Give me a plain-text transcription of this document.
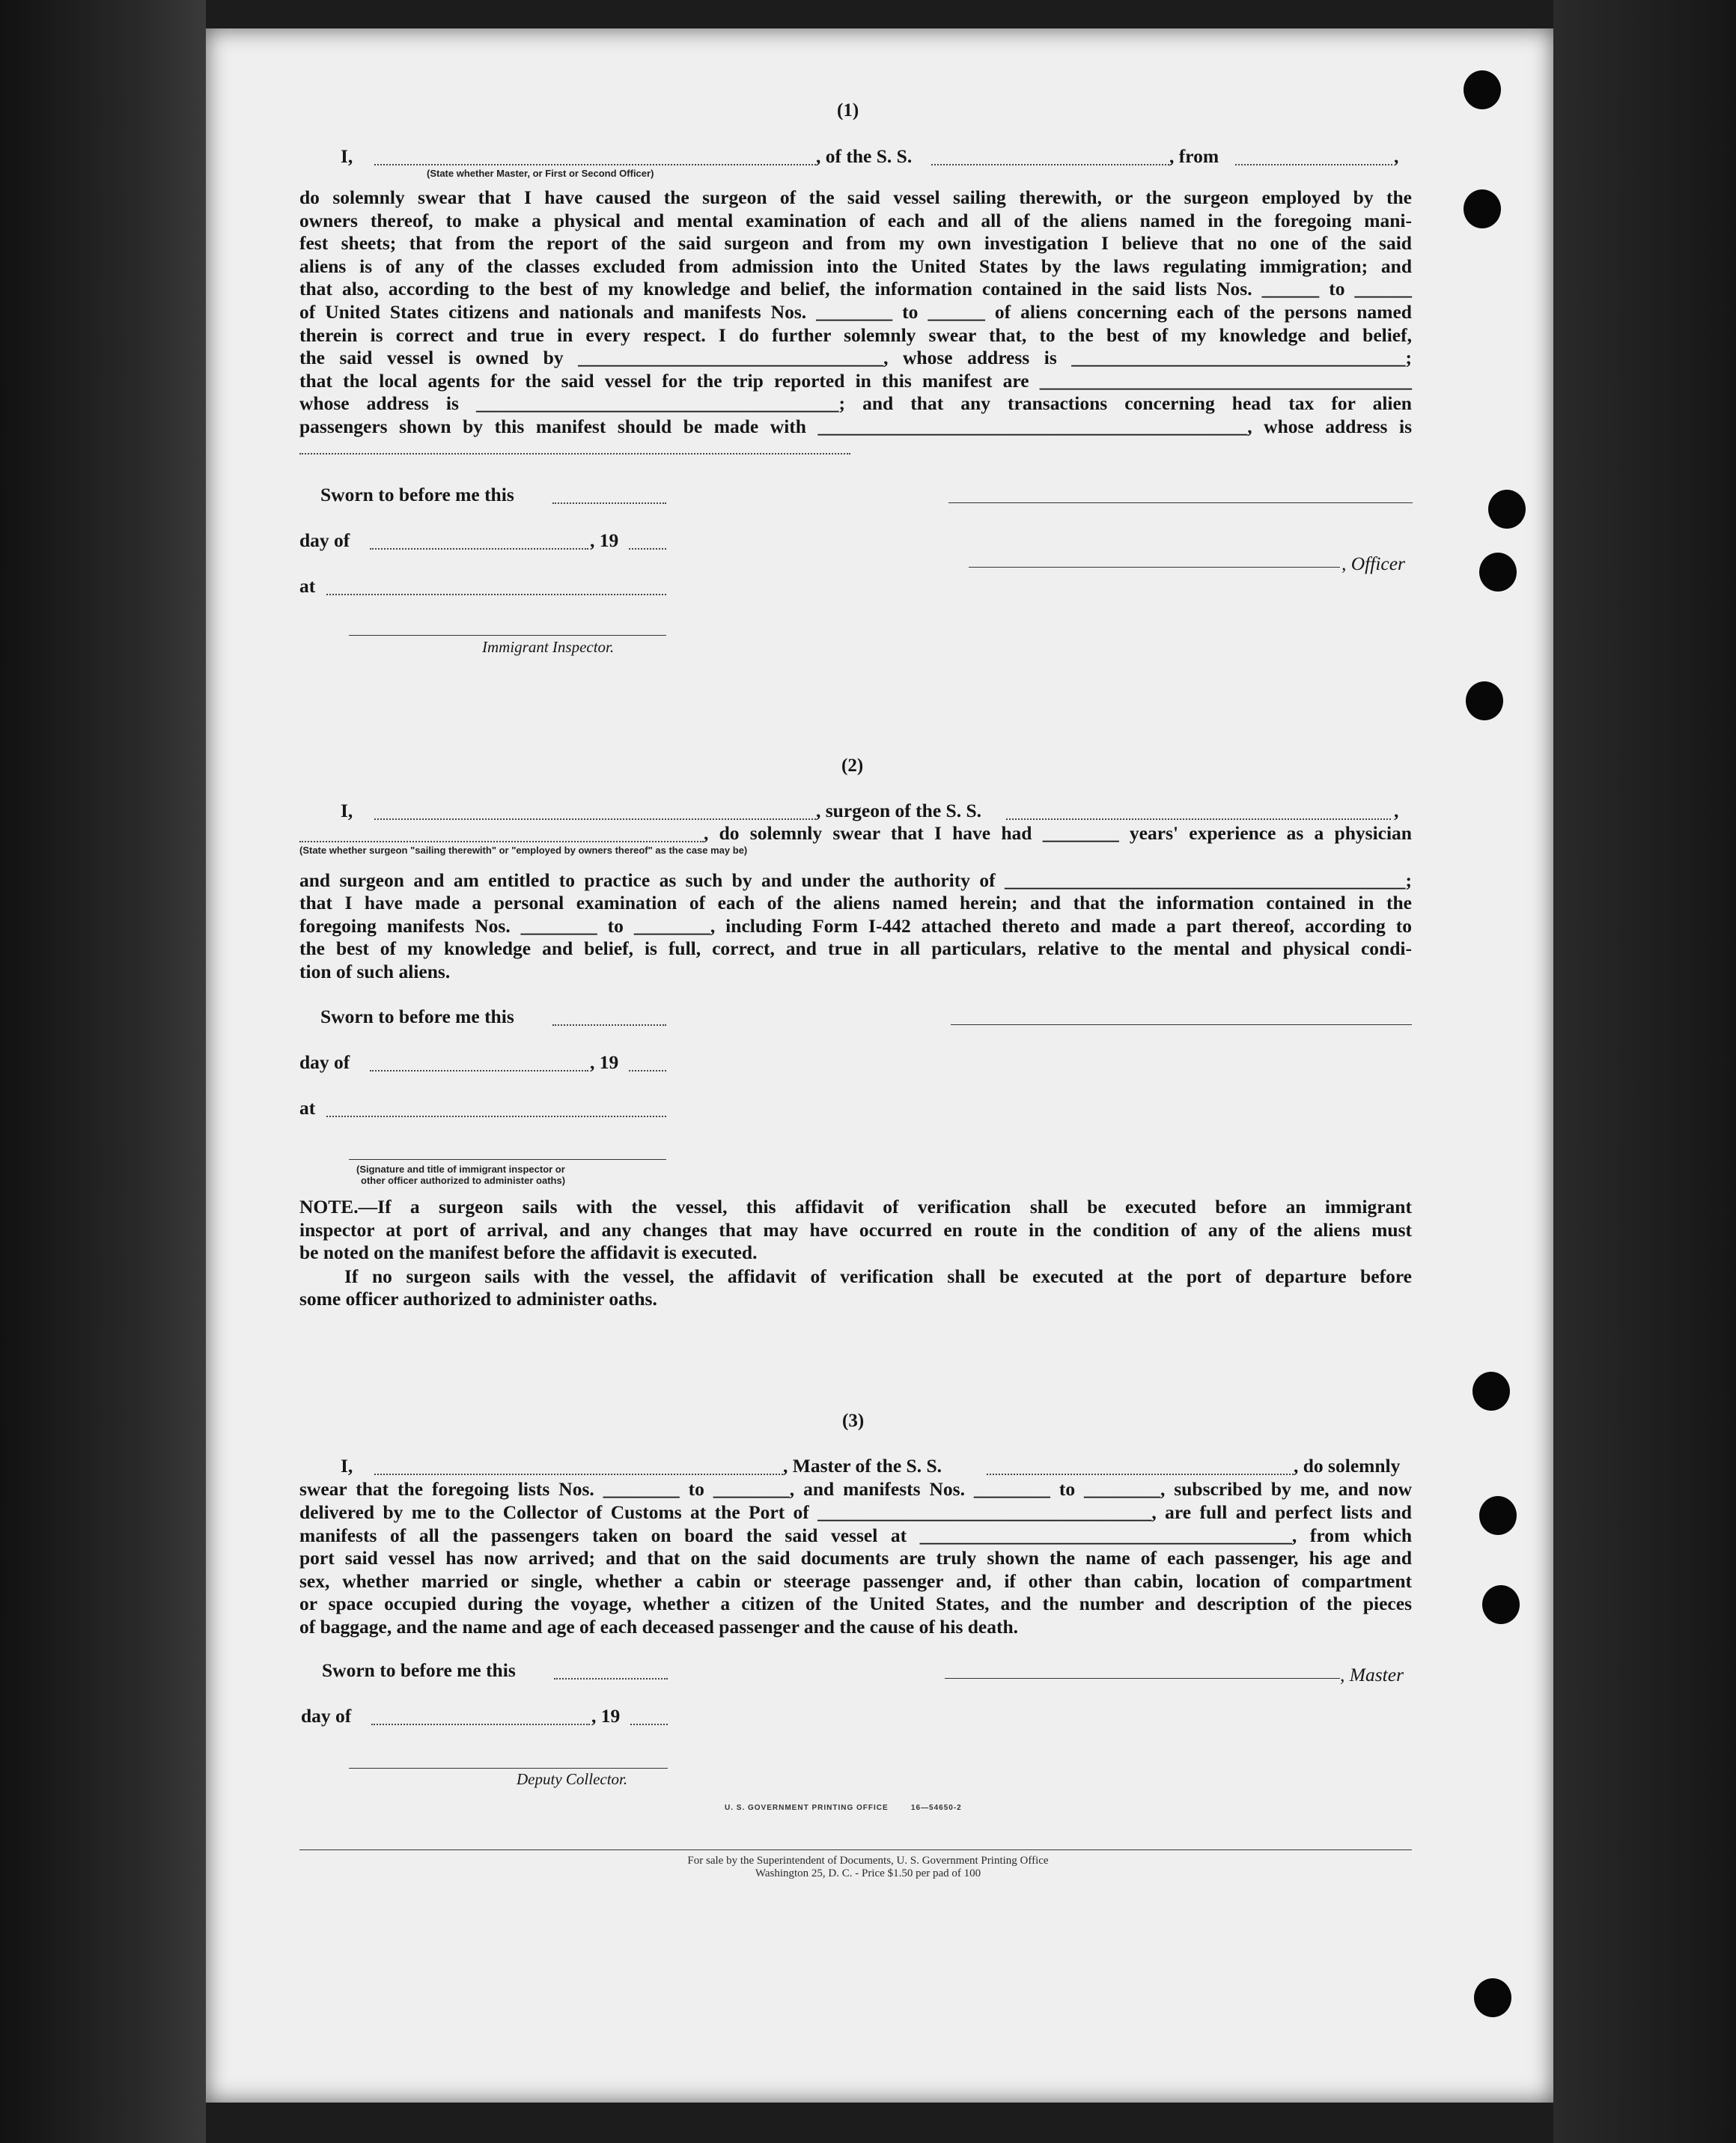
(1)
I,	, of the S. S.	, from	,
(State whether Master, or First or Second Officer)
do solemnly swear that I have caused the surgeon of the said vessel sailing therewith, or the surgeon employed by the
owners thereof, to make a physical and mental examination of each and all of the aliens named in the foregoing mani-
fest sheets; that from the report of the said surgeon and from my own investigation I believe that no one of the said
aliens is of any of the classes excluded from admission into the United States by the laws regulating immigration; and
that also, according to the best of my knowledge and belief, the information contained in the said lists Nos. ______ to ______
of United States citizens and nationals and manifests Nos. ________ to ______ of aliens concerning each of the persons named
therein is correct and true in every respect. I do further solemnly swear that, to the best of my knowledge and belief,
the said vessel is owned by ________________________________, whose address is ___________________________________;
that the local agents for the said vessel for the trip reported in this manifest are _______________________________________
whose address is ______________________________________; and that any transactions concerning head tax for alien
passengers shown by this manifest should be made with _____________________________________________, whose address is
Sworn to before me this
day of	, 19
, Officer
at
Immigrant Inspector.
(2)
I,	, surgeon of the S. S.	,
, do solemnly swear that I have had ________ years' experience as a physician
(State whether surgeon "sailing therewith" or "employed by owners thereof" as the case may be)
and surgeon and am entitled to practice as such by and under the authority of __________________________________________;
that I have made a personal examination of each of the aliens named herein; and that the information contained in the
foregoing manifests Nos. ________ to ________, including Form I-442 attached thereto and made a part thereof, according to
the best of my knowledge and belief, is full, correct, and true in all particulars, relative to the mental and physical condi-
tion of such aliens.
Sworn to before me this
day of	, 19
at
(Signature and title of immigrant inspector or
other officer authorized to administer oaths)
NOTE.—If a surgeon sails with the vessel, this affidavit of verification shall be executed before an immigrant
inspector at port of arrival, and any changes that may have occurred en route in the condition of any of the aliens must
be noted on the manifest before the affidavit is executed.
If no surgeon sails with the vessel, the affidavit of verification shall be executed at the port of departure before
some officer authorized to administer oaths.
(3)
I,	, Master of the S. S.	, do solemnly
swear that the foregoing lists Nos. ________ to ________, and manifests Nos. ________ to ________, subscribed by me, and now
delivered by me to the Collector of Customs at the Port of ___________________________________, are full and perfect lists and
manifests of all the passengers taken on board the said vessel at _______________________________________, from which
port said vessel has now arrived; and that on the said documents are truly shown the name of each passenger, his age and
sex, whether married or single, whether a cabin or steerage passenger and, if other than cabin, location of compartment
or space occupied during the voyage, whether a citizen of the United States, and the number and description of the pieces
of baggage, and the name and age of each deceased passenger and the cause of his death.
Sworn to before me this	, Master
day of	, 19
Deputy Collector.
U. S. GOVERNMENT PRINTING OFFICE        16—54650-2
For sale by the Superintendent of Documents, U. S. Government Printing Office
Washington 25, D. C. - Price $1.50 per pad of 100
